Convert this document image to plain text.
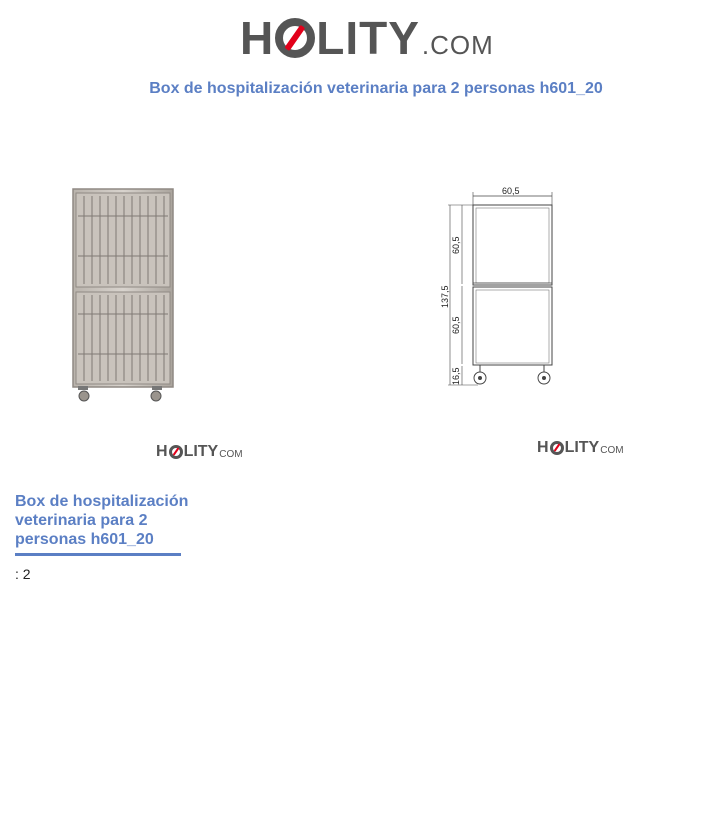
H LITY .COM
Box de hospitalización veterinaria para 2 personas h601_20
60,5
60,5
60,5
137,5
16,5
H LITY COM	H LITY COM
Box de hospitalización veterinaria para 2 personas h601_20
: 2
